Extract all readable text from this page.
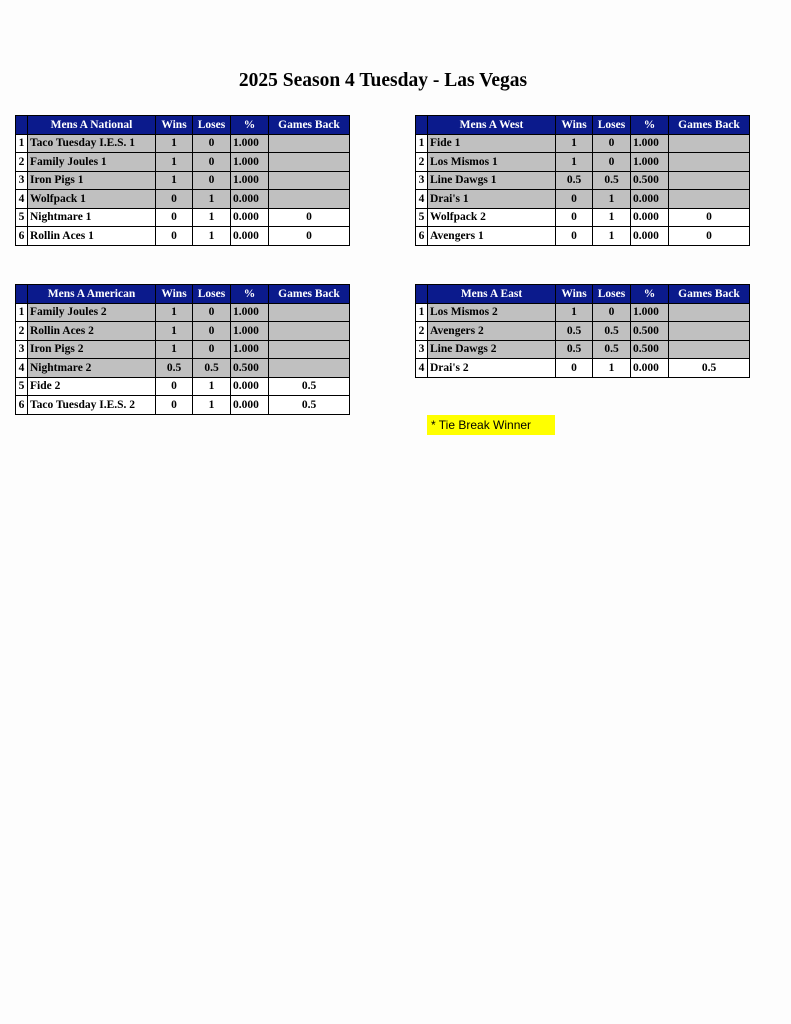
2025 Season 4 Tuesday - Las Vegas
	Mens A National	Wins	Loses	%	Games Back
1	Taco Tuesday I.E.S. 1	1	0	1.000	
2	Family Joules 1	1	0	1.000	
3	Iron Pigs 1	1	0	1.000	
4	Wolfpack 1	0	1	0.000	
5	Nightmare 1	0	1	0.000	0
6	Rollin Aces 1	0	1	0.000	0
	Mens A West	Wins	Loses	%	Games Back
1	Fide 1	1	0	1.000	
2	Los Mismos 1	1	0	1.000	
3	Line Dawgs 1	0.5	0.5	0.500	
4	Drai's 1	0	1	0.000	
5	Wolfpack 2	0	1	0.000	0
6	Avengers 1	0	1	0.000	0
	Mens A American	Wins	Loses	%	Games Back
1	Family Joules 2	1	0	1.000	
2	Rollin Aces 2	1	0	1.000	
3	Iron Pigs 2	1	0	1.000	
4	Nightmare 2	0.5	0.5	0.500	
5	Fide 2	0	1	0.000	0.5
6	Taco Tuesday I.E.S. 2	0	1	0.000	0.5
	Mens A East	Wins	Loses	%	Games Back
1	Los Mismos 2	1	0	1.000	
2	Avengers 2	0.5	0.5	0.500	
3	Line Dawgs 2	0.5	0.5	0.500	
4	Drai's 2	0	1	0.000	0.5
* Tie Break Winner
